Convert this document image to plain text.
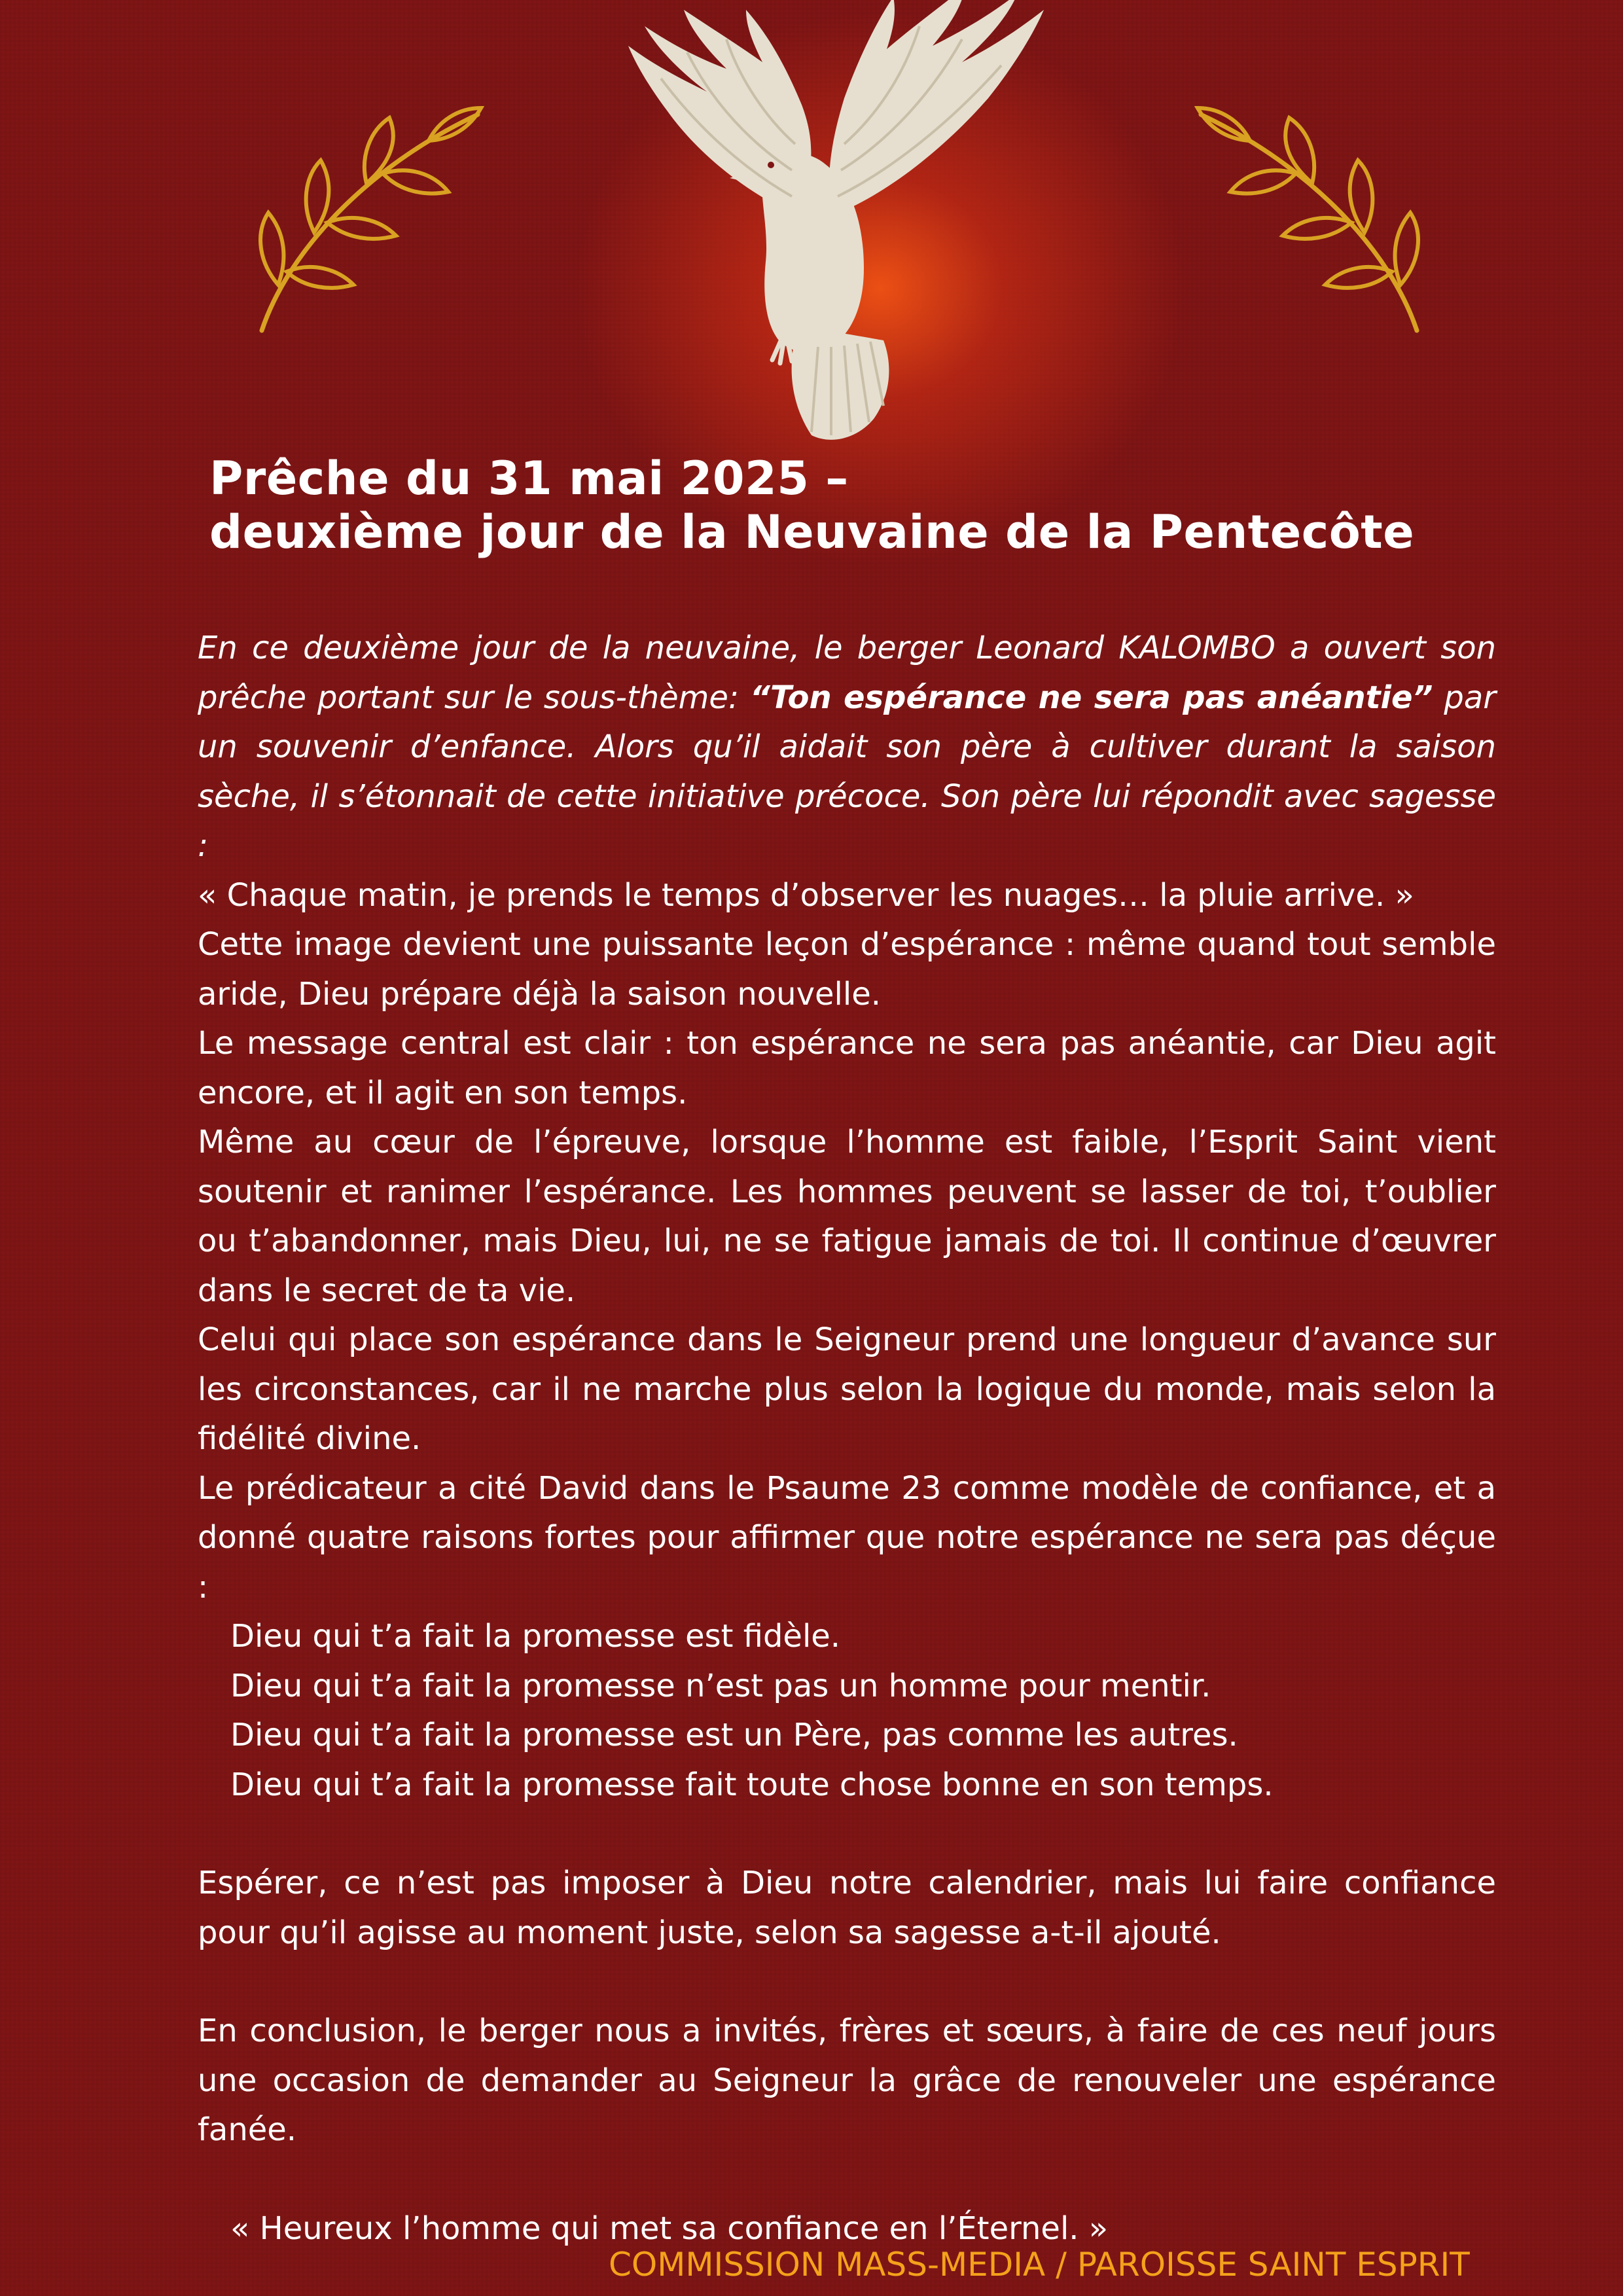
Prêche du 31 mai 2025 –
deuxième jour de la Neuvaine de la Pentecôte

En ce deuxième jour de la neuvaine, le berger Leonard KALOMBO a ouvert son prêche portant sur le sous-thème: “Ton espérance ne sera pas anéantie” par un souvenir d’enfance. Alors qu’il aidait son père à cultiver durant la saison sèche, il s’étonnait de cette initiative précoce. Son père lui répondit avec sagesse :

« Chaque matin, je prends le temps d’observer les nuages… la pluie arrive. »

Cette image devient une puissante leçon d’espérance : même quand tout semble aride, Dieu prépare déjà la saison nouvelle.

Le message central est clair : ton espérance ne sera pas anéantie, car Dieu agit encore, et il agit en son temps.

Même au cœur de l’épreuve, lorsque l’homme est faible, l’Esprit Saint vient soutenir et ranimer l’espérance. Les hommes peuvent se lasser de toi, t’oublier ou t’abandonner, mais Dieu, lui, ne se fatigue jamais de toi. Il continue d’œuvrer dans le secret de ta vie.

Celui qui place son espérance dans le Seigneur prend une longueur d’avance sur les circonstances, car il ne marche plus selon la logique du monde, mais selon la fidélité divine.

Le prédicateur a cité David dans le Psaume 23 comme modèle de confiance, et a donné quatre raisons fortes pour affirmer que notre espérance ne sera pas déçue :

Dieu qui t’a fait la promesse est fidèle.
Dieu qui t’a fait la promesse n’est pas un homme pour mentir.
Dieu qui t’a fait la promesse est un Père, pas comme les autres.
Dieu qui t’a fait la promesse fait toute chose bonne en son temps.

Espérer, ce n’est pas imposer à Dieu notre calendrier, mais lui faire confiance pour qu’il agisse au moment juste, selon sa sagesse a-t-il ajouté.

En conclusion, le berger nous a invités, frères et sœurs, à faire de ces neuf jours une occasion de demander au Seigneur la grâce de renouveler une espérance fanée.

« Heureux l’homme qui met sa confiance en l’Éternel. »

COMMISSION MASS-MEDIA / PAROISSE SAINT ESPRIT
